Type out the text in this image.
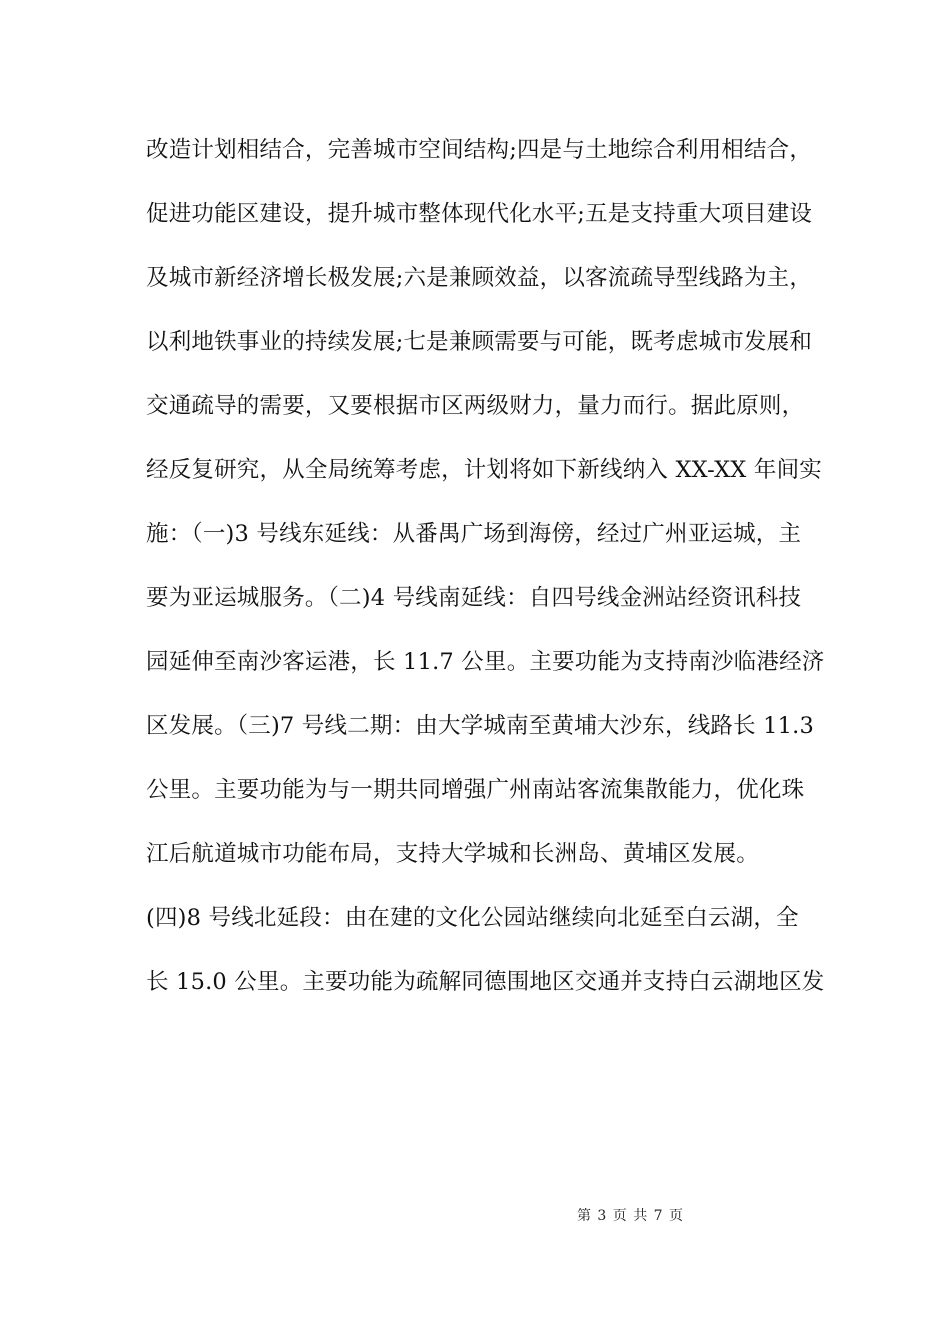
改造计划相结合，完善城市空间结构;四是与土地综合利用相结合，
促进功能区建设，提升城市整体现代化水平;五是支持重大项目建设
及城市新经济增长极发展;六是兼顾效益，以客流疏导型线路为主，
以利地铁事业的持续发展;七是兼顾需要与可能，既考虑城市发展和
交通疏导的需要，又要根据市区两级财力，量力而行。据此原则，
经反复研究，从全局统筹考虑，计划将如下新线纳入 XX-XX 年间实
施：（一)3 号线东延线：从番禺广场到海傍，经过广州亚运城，主
要为亚运城服务。（二)4 号线南延线：自四号线金洲站经资讯科技
园延伸至南沙客运港，长 11.7 公里。主要功能为支持南沙临港经济
区发展。（三)7 号线二期：由大学城南至黄埔大沙东，线路长 11.3
公里。主要功能为与一期共同增强广州南站客流集散能力，优化珠
江后航道城市功能布局，支持大学城和长洲岛、黄埔区发展。
(四)8 号线北延段：由在建的文化公园站继续向北延至白云湖，全
长 15.0 公里。主要功能为疏解同德围地区交通并支持白云湖地区发
第 3 页 共 7 页
